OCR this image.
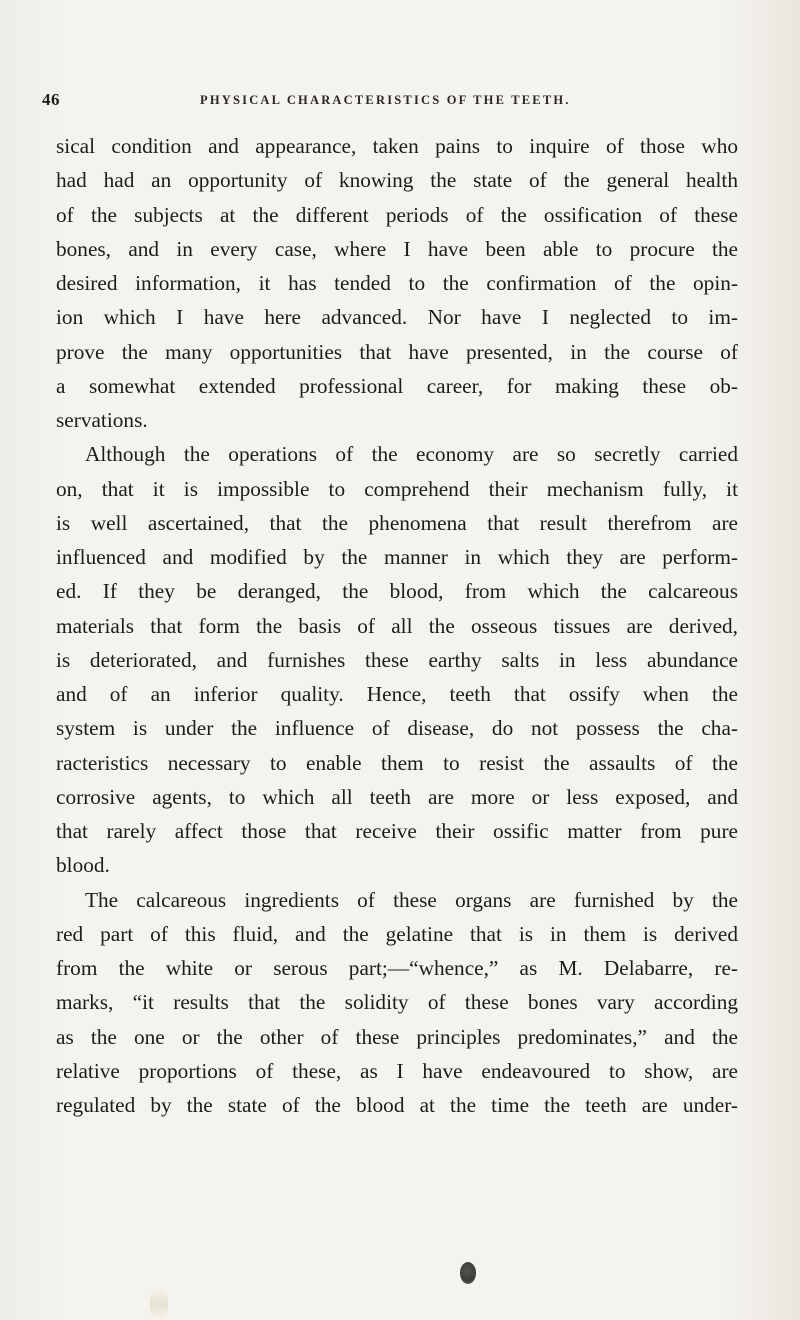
46	PHYSICAL CHARACTERISTICS OF THE TEETH.
sical condition and appearance, taken pains to inquire of those who
had had an opportunity of knowing the state of the general health
of the subjects at the different periods of the ossification of these
bones, and in every case, where I have been able to procure the
desired information, it has tended to the confirmation of the opin-
ion which I have here advanced. Nor have I neglected to im-
prove the many opportunities that have presented, in the course of
a somewhat extended professional career, for making these ob-
servations.
Although the operations of the economy are so secretly carried
on, that it is impossible to comprehend their mechanism fully, it
is well ascertained, that the phenomena that result therefrom are
influenced and modified by the manner in which they are perform-
ed. If they be deranged, the blood, from which the calcareous
materials that form the basis of all the osseous tissues are derived,
is deteriorated, and furnishes these earthy salts in less abundance
and of an inferior quality. Hence, teeth that ossify when the
system is under the influence of disease, do not possess the cha-
racteristics necessary to enable them to resist the assaults of the
corrosive agents, to which all teeth are more or less exposed, and
that rarely affect those that receive their ossific matter from pure
blood.
The calcareous ingredients of these organs are furnished by the
red part of this fluid, and the gelatine that is in them is derived
from the white or serous part;—“whence,” as M. Delabarre, re-
marks, “it results that the solidity of these bones vary according
as the one or the other of these principles predominates,” and the
relative proportions of these, as I have endeavoured to show, are
regulated by the state of the blood at the time the teeth are under-
